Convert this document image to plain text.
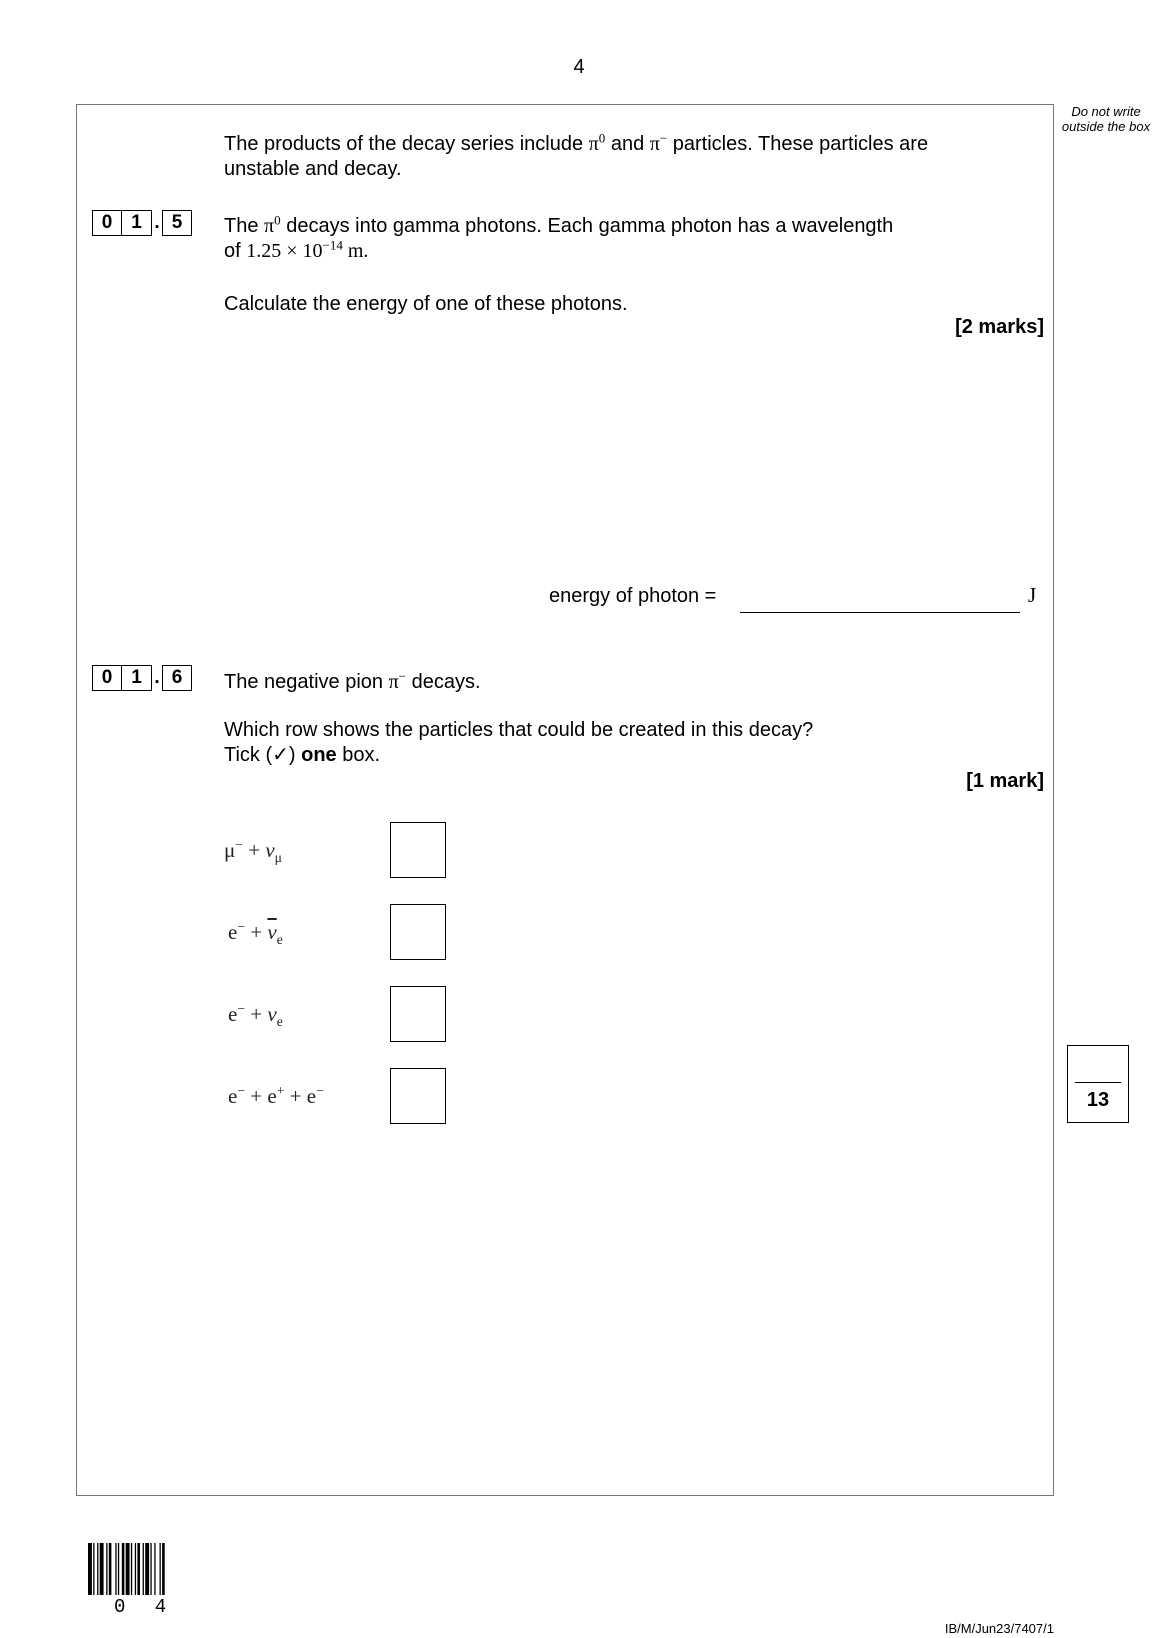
4
Do not write outside the box
The products of the decay series include $\pi^0$ and π− particles. These particles are
unstable and decay.
0 1 . 5	The $\pi^0$ decays into gamma photons. Each gamma photon has a wavelength
of $1.25 \times 10^{-14}$ m.
Calculate the energy of one of these photons.
[2 marks]
energy of photon =	J
0 1 . 6	The negative pion π− decays.
Which row shows the particles that could be created in this decay?
Tick (✓) one box.
[1 mark]
$\mu^- + \nu_\mu$
$e^- + \overline{\nu}_e$
$e^- + \nu_e$
e− + e+ + e−	13
0 4
IB/M/Jun23/7407/1
